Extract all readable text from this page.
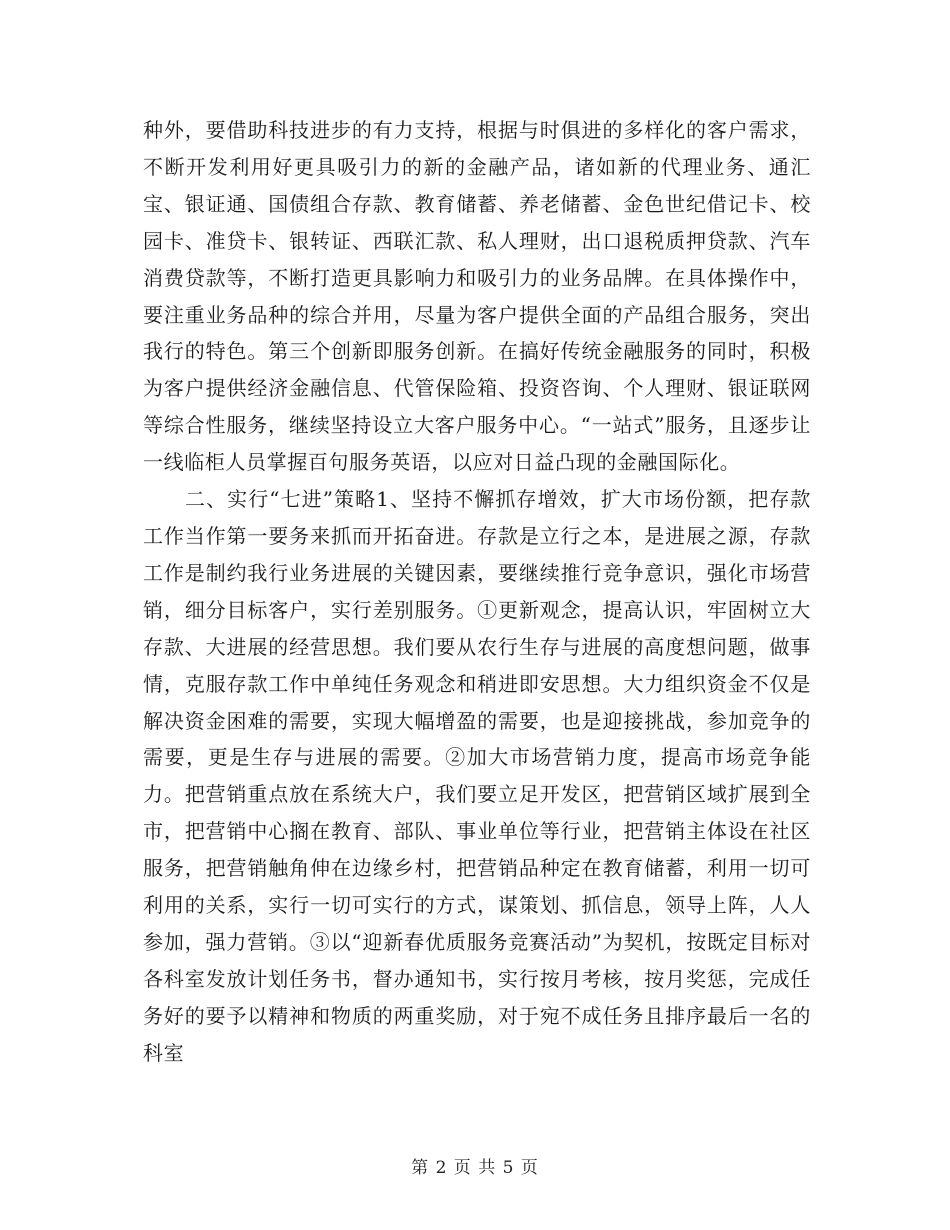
种外，要借助科技进步的有力支持，根据与时俱进的多样化的客户需求，不断开发利用好更具吸引力的新的金融产品，诸如新的代理业务、通汇宝、银证通、国债组合存款、教育储蓄、养老储蓄、金色世纪借记卡、校园卡、准贷卡、银转证、西联汇款、私人理财，出口退税质押贷款、汽车消费贷款等，不断打造更具影响力和吸引力的业务品牌。在具体操作中，要注重业务品种的综合并用，尽量为客户提供全面的产品组合服务，突出我行的特色。第三个创新即服务创新。在搞好传统金融服务的同时，积极为客户提供经济金融信息、代管保险箱、投资咨询、个人理财、银证联网等综合性服务，继续坚持设立大客户服务中心。“一站式”服务，且逐步让一线临柜人员掌握百句服务英语，以应对日益凸现的金融国际化。

二、实行“七进”策略1、坚持不懈抓存增效，扩大市场份额，把存款工作当作第一要务来抓而开拓奋进。存款是立行之本，是进展之源，存款工作是制约我行业务进展的关键因素，要继续推行竞争意识，强化市场营销，细分目标客户，实行差别服务。①更新观念，提高认识，牢固树立大存款、大进展的经营思想。我们要从农行生存与进展的高度想问题，做事情，克服存款工作中单纯任务观念和稍进即安思想。大力组织资金不仅是解决资金困难的需要，实现大幅增盈的需要，也是迎接挑战，参加竞争的需要，更是生存与进展的需要。②加大市场营销力度，提高市场竞争能力。把营销重点放在系统大户，我们要立足开发区，把营销区域扩展到全市，把营销中心搁在教育、部队、事业单位等行业，把营销主体设在社区服务，把营销触角伸在边缘乡村，把营销品种定在教育储蓄，利用一切可利用的关系，实行一切可实行的方式，谋策划、抓信息，领导上阵，人人参加，强力营销。③以“迎新春优质服务竞赛活动”为契机，按既定目标对各科室发放计划任务书，督办通知书，实行按月考核，按月奖惩，完成任务好的要予以精神和物质的两重奖励，对于宛不成任务且排序最后一名的科室

第 2 页 共 5 页
